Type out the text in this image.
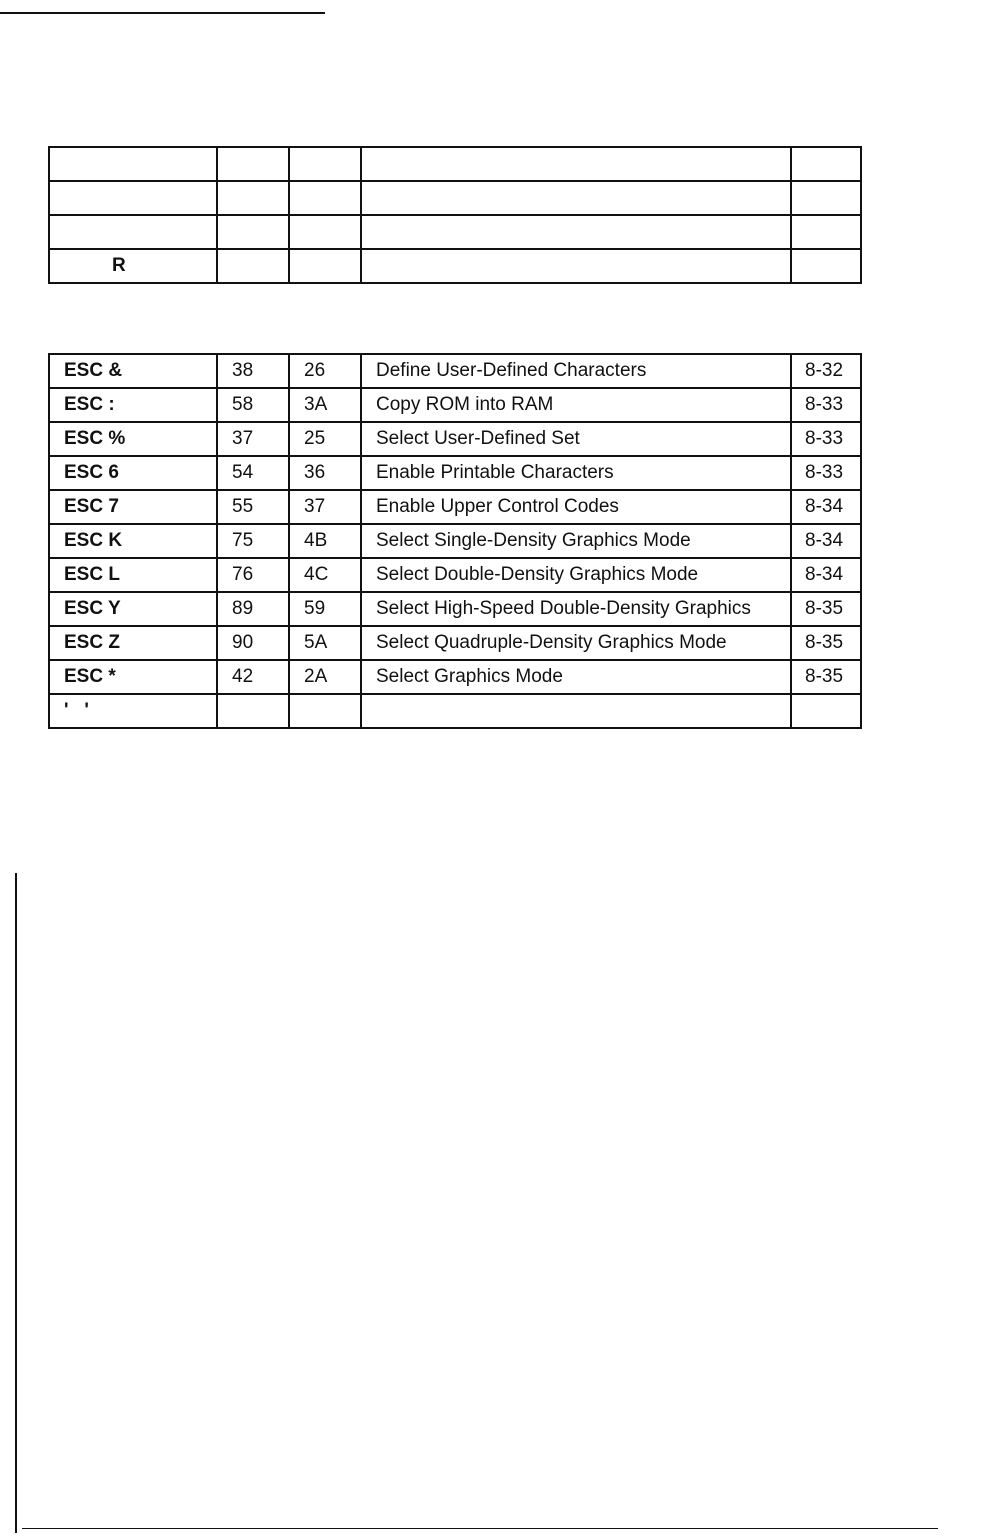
R				
ESC &	38	26	Define User-Defined Characters	8-32
ESC :	58	3A	Copy ROM into RAM	8-33
ESC %	37	25	Select User-Defined Set	8-33
ESC 6	54	36	Enable Printable Characters	8-33
ESC 7	55	37	Enable Upper Control Codes	8-34
ESC K	75	4B	Select Single-Density Graphics Mode	8-34
ESC L	76	4C	Select Double-Density Graphics Mode	8-34
ESC Y	89	59	Select High-Speed Double-Density Graphics	8-35
ESC Z	90	5A	Select Quadruple-Density Graphics Mode	8-35
ESC *	42	2A	Select Graphics Mode	8-35
'   '				
